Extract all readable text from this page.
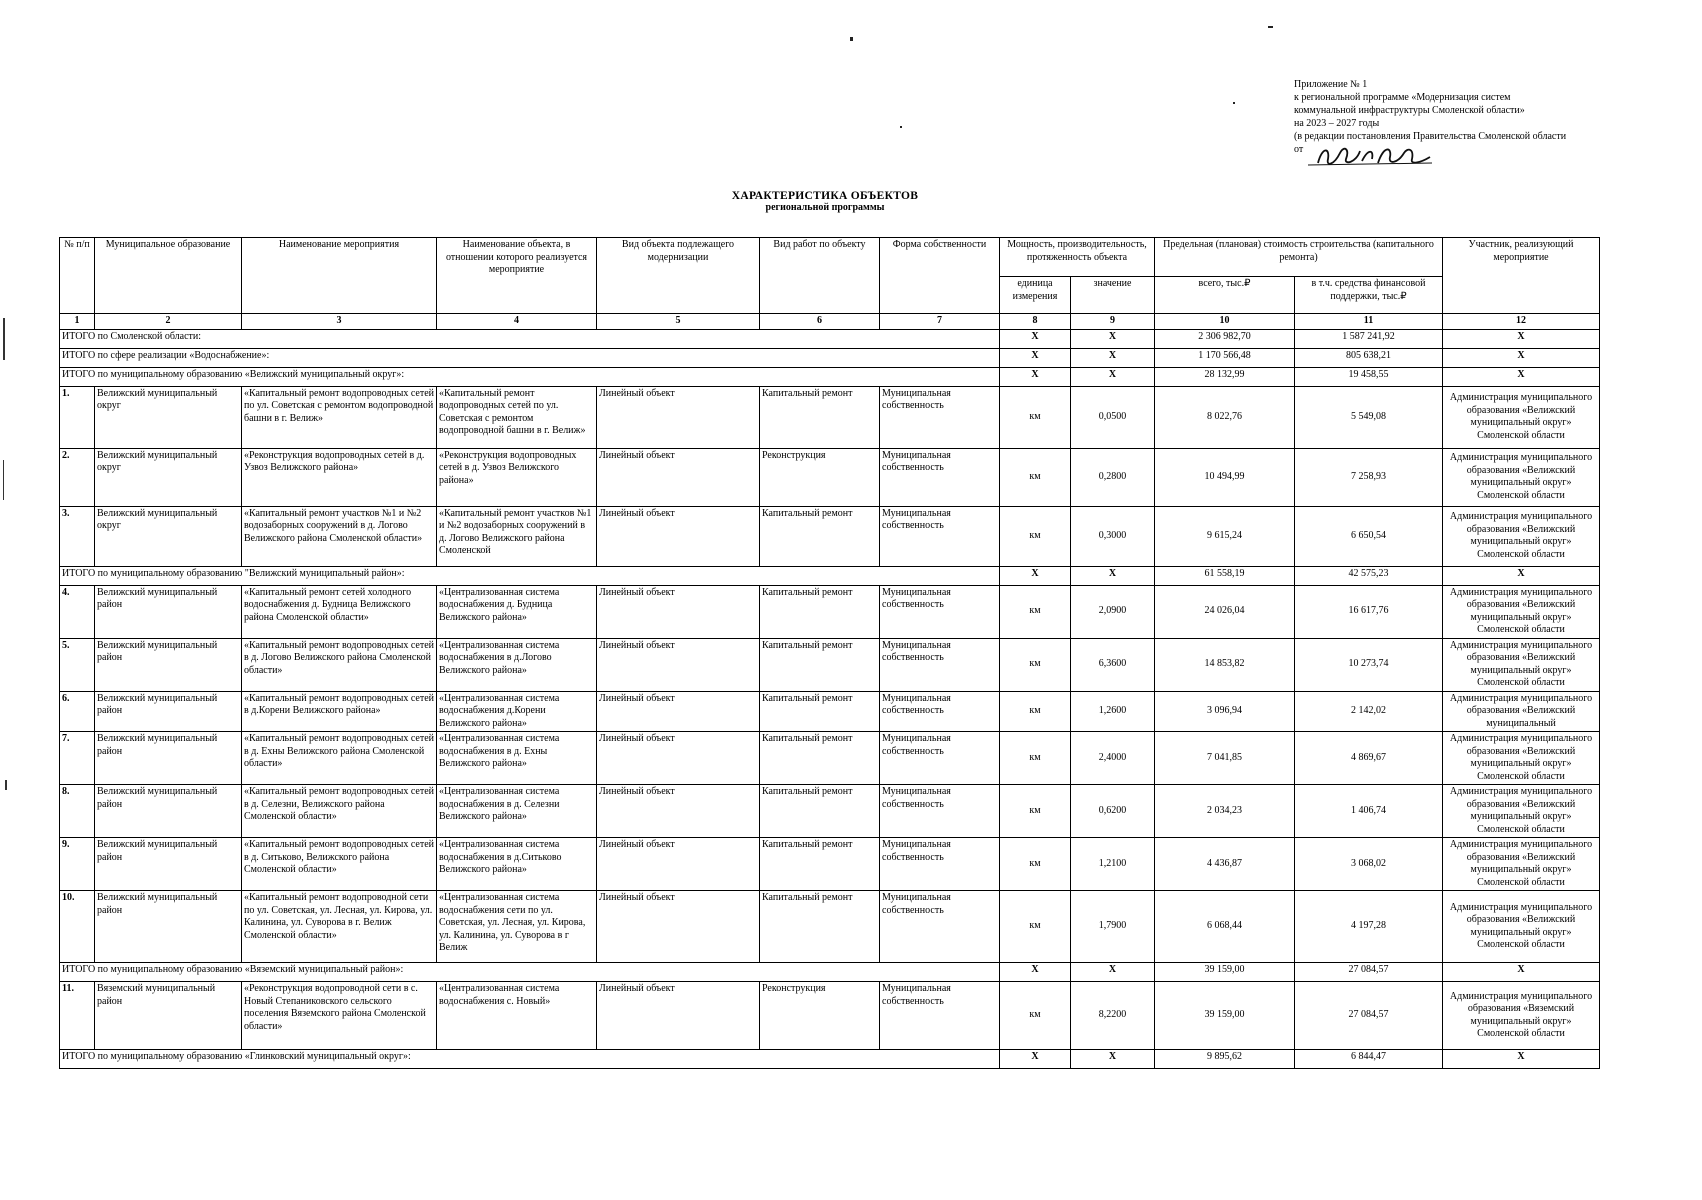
Приложение № 1
к региональной программе «Модернизация систем
коммунальной инфраструктуры Смоленской области»
на 2023 – 2027 годы
(в редакции постановления Правительства Смоленской области
от
ХАРАКТЕРИСТИКА ОБЪЕКТОВ
региональной программы
№ п/п	Муниципальное образование	Наименование мероприятия	Наименование объекта, в отношении которого реализуется мероприятие	Вид объекта подлежащего модернизации	Вид работ по объекту	Форма собственности	Мощность, производительность, протяженность объекта		Предельная (плановая) стоимость строительства (капитального ремонта)		Участник, реализующий мероприятие
							единица измерения	значение	всего, тыс.₽	в т.ч. средства финансовой поддержки, тыс.₽	
1	2	3	4	5	6	7	8	9	10	11	12
ИТОГО по Смоленской области:							X	X	2 306 982,70	1 587 241,92	X
ИТОГО по сфере реализации «Водоснабжение»:							X	X	1 170 566,48	805 638,21	X
ИТОГО по муниципальному образованию «Велижский муниципальный округ»:							X	X	28 132,99	19 458,55	X
1.	Велижский муниципальный округ	«Капитальный ремонт водопроводных сетей по ул. Советская с ремонтом водопроводной башни в г. Велиж»	«Капитальный ремонт водопроводных сетей по ул. Советская с ремонтом водопроводной башни в г. Велиж»	Линейный объект	Капитальный ремонт	Муниципальная собственность	км	0,0500	8 022,76	5 549,08	Администрация муниципального образования «Велижский муниципальный округ» Смоленской области
2.	Велижский муниципальный округ	«Реконструкция водопроводных сетей в д. Узвоз Велижского района»	«Реконструкция водопроводных сетей в д. Узвоз Велижского района»	Линейный объект	Реконструкция	Муниципальная собственность	км	0,2800	10 494,99	7 258,93	Администрация муниципального образования «Велижский муниципальный округ» Смоленской области
3.	Велижский муниципальный округ	«Капитальный ремонт участков №1 и №2 водозаборных сооружений в д. Логово Велижского района Смоленской области»	«Капитальный ремонт участков №1 и №2 водозаборных сооружений в д. Логово Велижского района Смоленской	Линейный объект	Капитальный ремонт	Муниципальная собственность	км	0,3000	9 615,24	6 650,54	Администрация муниципального образования «Велижский муниципальный округ» Смоленской области
ИТОГО по муниципальному образованию "Велижский муниципальный район»:							X	X	61 558,19	42 575,23	X
4.	Велижский муниципальный район	«Капитальный ремонт сетей холодного водоснабжения д. Будница Велижского района Смоленской области»	«Централизованная система водоснабжения д. Будница Велижского района»	Линейный объект	Капитальный ремонт	Муниципальная собственность	км	2,0900	24 026,04	16 617,76	Администрация муниципального образования «Велижский муниципальный округ» Смоленской области
5.	Велижский муниципальный район	«Капитальный ремонт водопроводных сетей в д. Логово Велижского района Смоленской области»	«Централизованная система водоснабжения в д.Логово Велижского района»	Линейный объект	Капитальный ремонт	Муниципальная собственность	км	6,3600	14 853,82	10 273,74	Администрация муниципального образования «Велижский муниципальный округ» Смоленской области
6.	Велижский муниципальный район	«Капитальный ремонт водопроводных сетей в д.Корени Велижского района»	«Централизованная система водоснабжения д.Корени Велижского района»	Линейный объект	Капитальный ремонт	Муниципальная собственность	км	1,2600	3 096,94	2 142,02	Администрация муниципального образования «Велижский муниципальный
7.	Велижский муниципальный район	«Капитальный ремонт водопроводных сетей в д. Ехны Велижского района Смоленской области»	«Централизованная система водоснабжения в д. Ехны Велижского района»	Линейный объект	Капитальный ремонт	Муниципальная собственность	км	2,4000	7 041,85	4 869,67	Администрация муниципального образования «Велижский муниципальный округ» Смоленской области
8.	Велижский муниципальный район	«Капитальный ремонт водопроводных сетей в д. Селезни, Велижского района Смоленской области»	«Централизованная система водоснабжения в д. Селезни Велижского района»	Линейный объект	Капитальный ремонт	Муниципальная собственность	км	0,6200	2 034,23	1 406,74	Администрация муниципального образования «Велижский муниципальный округ» Смоленской области
9.	Велижский муниципальный район	«Капитальный ремонт водопроводных сетей в д. Ситьково, Велижского района Смоленской области»	«Централизованная система водоснабжения в д.Ситьково Велижского района»	Линейный объект	Капитальный ремонт	Муниципальная собственность	км	1,2100	4 436,87	3 068,02	Администрация муниципального образования «Велижский муниципальный округ» Смоленской области
10.	Велижский муниципальный район	«Капитальный ремонт водопроводной сети по ул. Советская, ул. Лесная, ул. Кирова, ул. Калинина, ул. Суворова в г. Велиж Смоленской области»	«Централизованная система водоснабжения сети по ул. Советская, ул. Лесная, ул. Кирова, ул. Калинина, ул. Суворова в г Велиж	Линейный объект	Капитальный ремонт	Муниципальная собственность	км	1,7900	6 068,44	4 197,28	Администрация муниципального образования «Велижский муниципальный округ» Смоленской области
ИТОГО по муниципальному образованию «Вяземский муниципальный район»:							X	X	39 159,00	27 084,57	X
11.	Вяземский муниципальный район	«Реконструкция водопроводной сети в с. Новый Степаниковского сельского поселения Вяземского района Смоленской области»	«Централизованная система водоснабжения с. Новый»	Линейный объект	Реконструкция	Муниципальная собственность	км	8,2200	39 159,00	27 084,57	Администрация муниципального образования «Вяземский муниципальный округ» Смоленской области
ИТОГО по муниципальному образованию «Глинковский муниципальный округ»:							X	X	9 895,62	6 844,47	X
